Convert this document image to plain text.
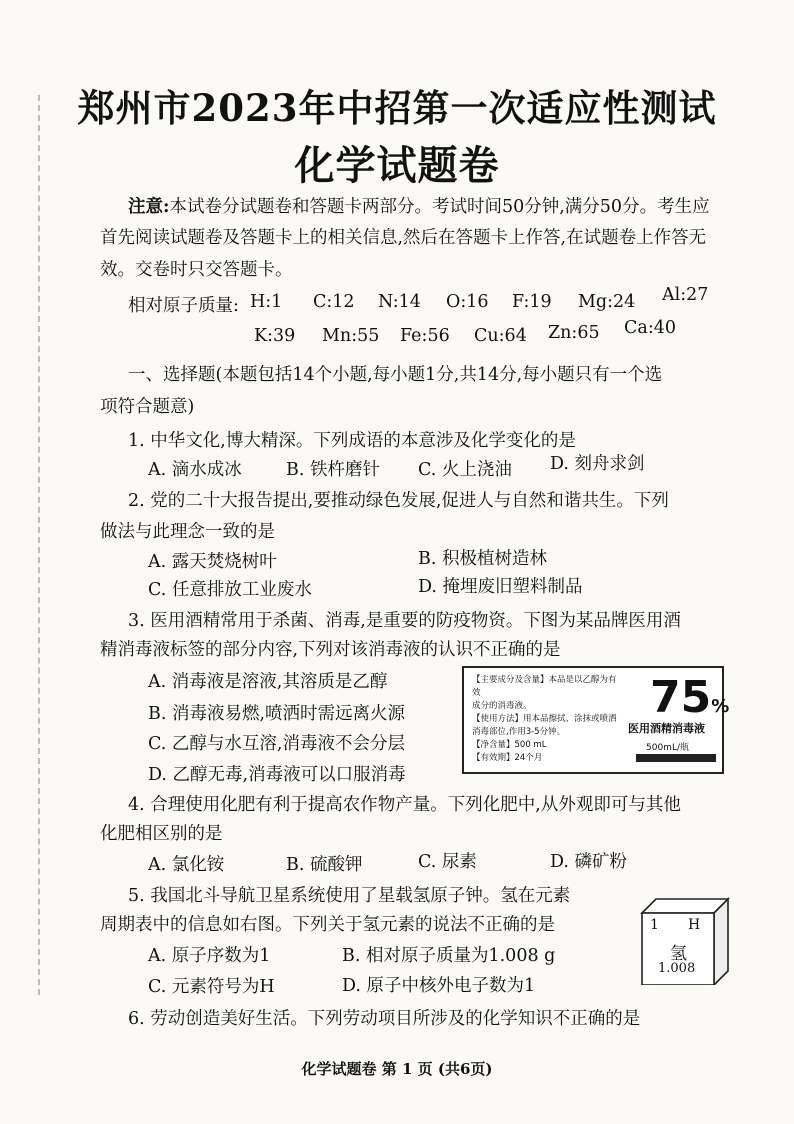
郑州市2023年中招第一次适应性测试
化学试题卷
注意:本试卷分试题卷和答题卡两部分。考试时间50分钟,满分50分。考生应
首先阅读试题卷及答题卡上的相关信息,然后在答题卡上作答,在试题卷上作答无
效。交卷时只交答题卡。
相对原子质量: H:1 C:12 N:14 O:16 F:19 Mg:24 Al:27
K:39 Mn:55 Fe:56 Cu:64 Zn:65 Ca:40
一、选择题(本题包括14个小题,每小题1分,共14分,每小题只有一个选
项符合题意)
1. 中华文化,博大精深。下列成语的本意涉及化学变化的是
A. 滴水成冰	B. 铁杵磨针 C. 火上浇油 D. 刻舟求剑
2. 党的二十大报告提出,要推动绿色发展,促进人与自然和谐共生。下列
做法与此理念一致的是
A. 露天焚烧树叶	B. 积极植树造林
C. 任意排放工业废水	D. 掩埋废旧塑料制品
3. 医用酒精常用于杀菌、消毒,是重要的防疫物资。下图为某品牌医用酒
精消毒液标签的部分内容,下列对该消毒液的认识不正确的是
A. 消毒液是溶液,其溶质是乙醇
B. 消毒液易燃,喷洒时需远离火源
C. 乙醇与水互溶,消毒液不会分层
D. 乙醇无毒,消毒液可以口服消毒
【主要成分及含量】本品是以乙醇为有效
成分的消毒液。
【使用方法】用本品擦拭、涂抹或喷洒
消毒部位,作用3-5分钟。
【净含量】500 mL
【有效期】24个月
75%
医用酒精消毒液
500mL/瓶
4. 合理使用化肥有利于提高农作物产量。下列化肥中,从外观即可与其他
化肥相区别的是
A. 氯化铵	B. 硫酸钾	C. 尿素	D. 磷矿粉
5. 我国北斗导航卫星系统使用了星载氢原子钟。氢在元素
周期表中的信息如右图。下列关于氢元素的说法不正确的是
A. 原子序数为1	B. 相对原子质量为1.008 g
C. 元素符号为H	D. 原子中核外电子数为1
1 H
氢
1.008
6. 劳动创造美好生活。下列劳动项目所涉及的化学知识不正确的是
化学试题卷 第 1 页 (共6页)
